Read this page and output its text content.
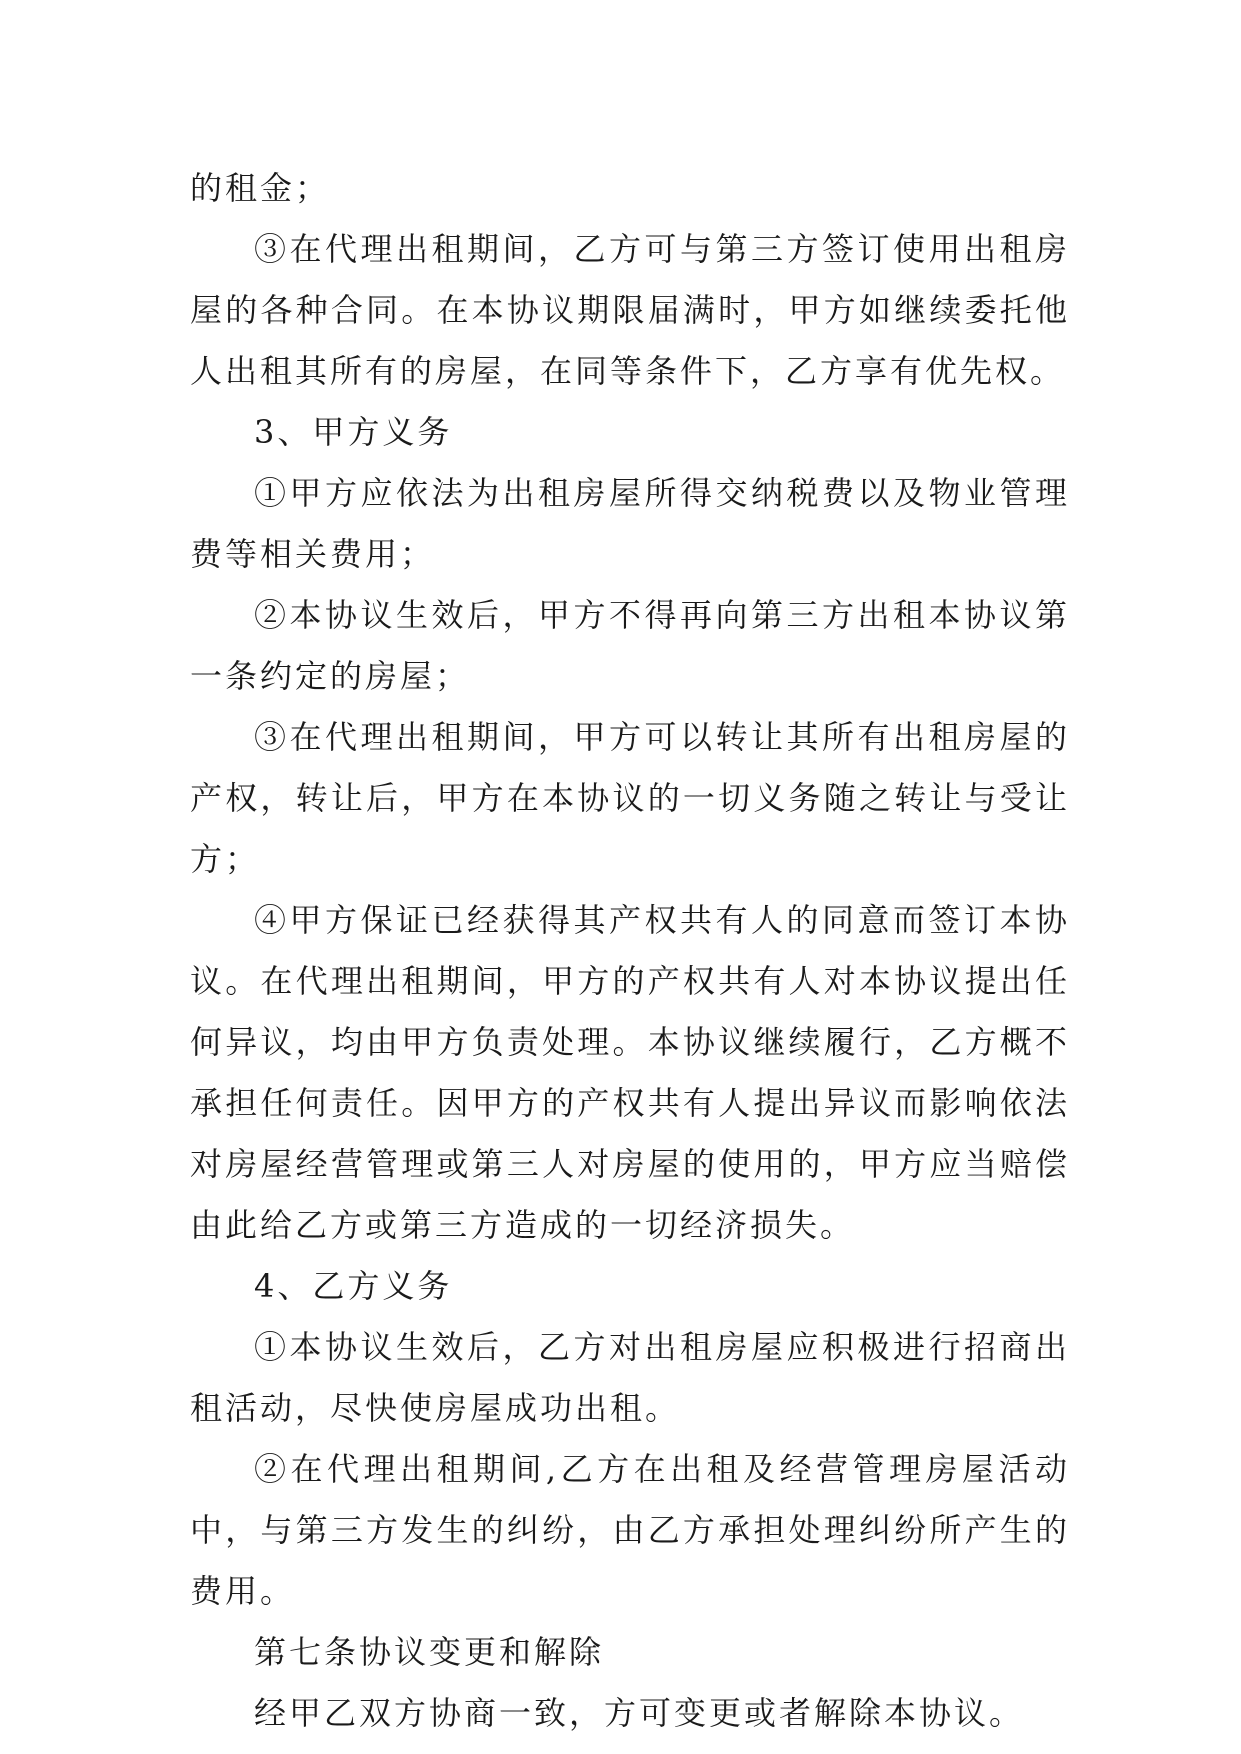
的租金；

③在代理出租期间，乙方可与第三方签订使用出租房屋的各种合同。在本协议期限届满时，甲方如继续委托他人出租其所有的房屋，在同等条件下，乙方享有优先权。

3、甲方义务

①甲方应依法为出租房屋所得交纳税费以及物业管理费等相关费用；

②本协议生效后，甲方不得再向第三方出租本协议第一条约定的房屋；

③在代理出租期间，甲方可以转让其所有出租房屋的产权，转让后，甲方在本协议的一切义务随之转让与受让方；

④甲方保证已经获得其产权共有人的同意而签订本协议。在代理出租期间，甲方的产权共有人对本协议提出任何异议，均由甲方负责处理。本协议继续履行，乙方概不承担任何责任。因甲方的产权共有人提出异议而影响依法对房屋经营管理或第三人对房屋的使用的，甲方应当赔偿由此给乙方或第三方造成的一切经济损失。

4、乙方义务

①本协议生效后，乙方对出租房屋应积极进行招商出租活动，尽快使房屋成功出租。

②在代理出租期间,乙方在出租及经营管理房屋活动中，与第三方发生的纠纷，由乙方承担处理纠纷所产生的费用。

第七条协议变更和解除

经甲乙双方协商一致，方可变更或者解除本协议。
